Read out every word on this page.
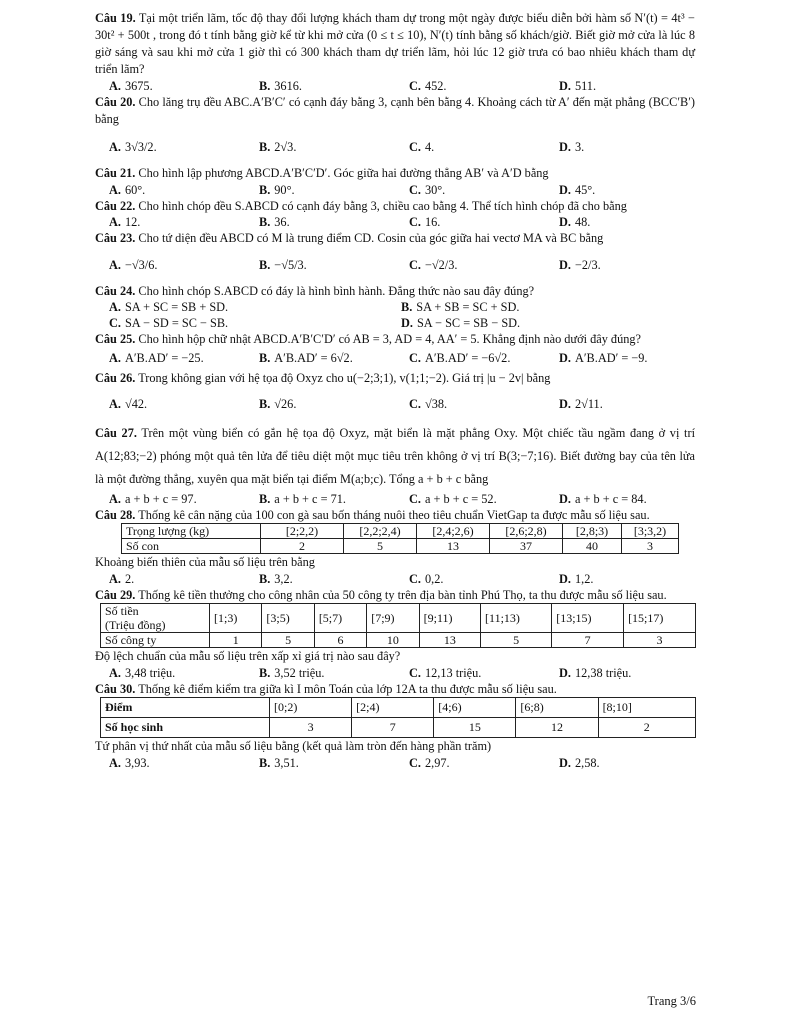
Câu 19. Tại một triển lãm, tốc độ thay đổi lượng khách tham dự trong một ngày được biểu diễn bởi hàm số N′(t) = 4t³ − 30t² + 500t , trong đó t tính bằng giờ kể từ khi mở cửa (0 ≤ t ≤ 10), N′(t) tính bằng số khách/giờ. Biết giờ mở cửa là lúc 8 giờ sáng và sau khi mở cửa 1 giờ thì có 300 khách tham dự triển lãm, hỏi lúc 12 giờ trưa có bao nhiêu khách tham dự triển lãm?

A. 3675.	B. 3616.	C. 452.	D. 511.

Câu 20. Cho lăng trụ đều ABC.A′B′C′ có cạnh đáy bằng 3, cạnh bên bằng 4. Khoảng cách từ A′ đến mặt phẳng (BCC′B′) bằng

A. 3√3/2.	B. 2√3.	C. 4.	D. 3.

Câu 21. Cho hình lập phương ABCD.A′B′C′D′. Góc giữa hai đường thẳng AB′ và A′D bằng

A. 60°.	B. 90°.	C. 30°.	D. 45°.

Câu 22. Cho hình chóp đều S.ABCD có cạnh đáy bằng 3, chiều cao bằng 4. Thể tích hình chóp đã cho bằng

A. 12.	B. 36.	C. 16.	D. 48.

Câu 23. Cho tứ diện đều ABCD có M là trung điểm CD. Cosin của góc giữa hai vectơ MA và BC bằng

A. −√3/6.	B. −√5/3.	C. −√2/3.	D. −2/3.

Câu 24. Cho hình chóp S.ABCD có đáy là hình bình hành. Đẳng thức nào sau đây đúng?

A. SA + SC = SB + SD.	B. SA + SB = SC + SD.
C. SA − SD = SC − SB.	D. SA − SC = SB − SD.

Câu 25. Cho hình hộp chữ nhật ABCD.A′B′C′D′ có AB = 3, AD = 4, AA′ = 5. Khẳng định nào dưới đây đúng?

A. A′B.AD′ = −25.	B. A′B.AD′ = 6√2.	C. A′B.AD′ = −6√2.	D. A′B.AD′ = −9.

Câu 26. Trong không gian với hệ tọa độ Oxyz cho u(−2;3;1), v(1;1;−2). Giá trị |u − 2v| bằng

A. √42.	B. √26.	C. √38.	D. 2√11.

Câu 27. Trên một vùng biển có gắn hệ tọa độ Oxyz, mặt biển là mặt phẳng Oxy. Một chiếc tầu ngầm đang ở vị trí A(12;83;−2) phóng một quả tên lửa để tiêu diệt một mục tiêu trên không ở vị trí B(3;−7;16). Biết đường bay của tên lửa là một đường thẳng, xuyên qua mặt biển tại điểm M(a;b;c). Tổng a + b + c bằng

A. a + b + c = 97.	B. a + b + c = 71.	C. a + b + c = 52.	D. a + b + c = 84.

Câu 28. Thống kê cân nặng của 100 con gà sau bốn tháng nuôi theo tiêu chuẩn VietGap ta được mẫu số liệu sau.

Trọng lượng (kg)	[2;2,2)	[2,2;2,4)	[2,4;2,6)	[2,6;2,8)	[2,8;3)	[3;3,2)
Số con	2	5	13	37	40	3

Khoảng biến thiên của mẫu số liệu trên bằng

A. 2.	B. 3,2.	C. 0,2.	D. 1,2.

Câu 29. Thống kê tiền thưởng cho công nhân của 50 công ty trên địa bàn tỉnh Phú Thọ, ta thu được mẫu số liệu sau.

Số tiền
(Triệu đồng)	[1;3)	[3;5)	[5;7)	[7;9)	[9;11)	[11;13)	[13;15)	[15;17)
Số công ty	1	5	6	10	13	5	7	3

Độ lệch chuẩn của mẫu số liệu trên xấp xỉ giá trị nào sau đây?

A. 3,48 triệu.	B. 3,52 triệu.	C. 12,13 triệu.	D. 12,38 triệu.

Câu 30. Thống kê điểm kiểm tra giữa kì I môn Toán của lớp 12A ta thu được mẫu số liệu sau.

Điểm	[0;2)	[2;4)	[4;6)	[6;8)	[8;10]
Số học sinh	3	7	15	12	2

Tứ phân vị thứ nhất của mẫu số liệu bằng (kết quả làm tròn đến hàng phần trăm)

A. 3,93.	B. 3,51.	C. 2,97.	D. 2,58.
Trang 3/6
